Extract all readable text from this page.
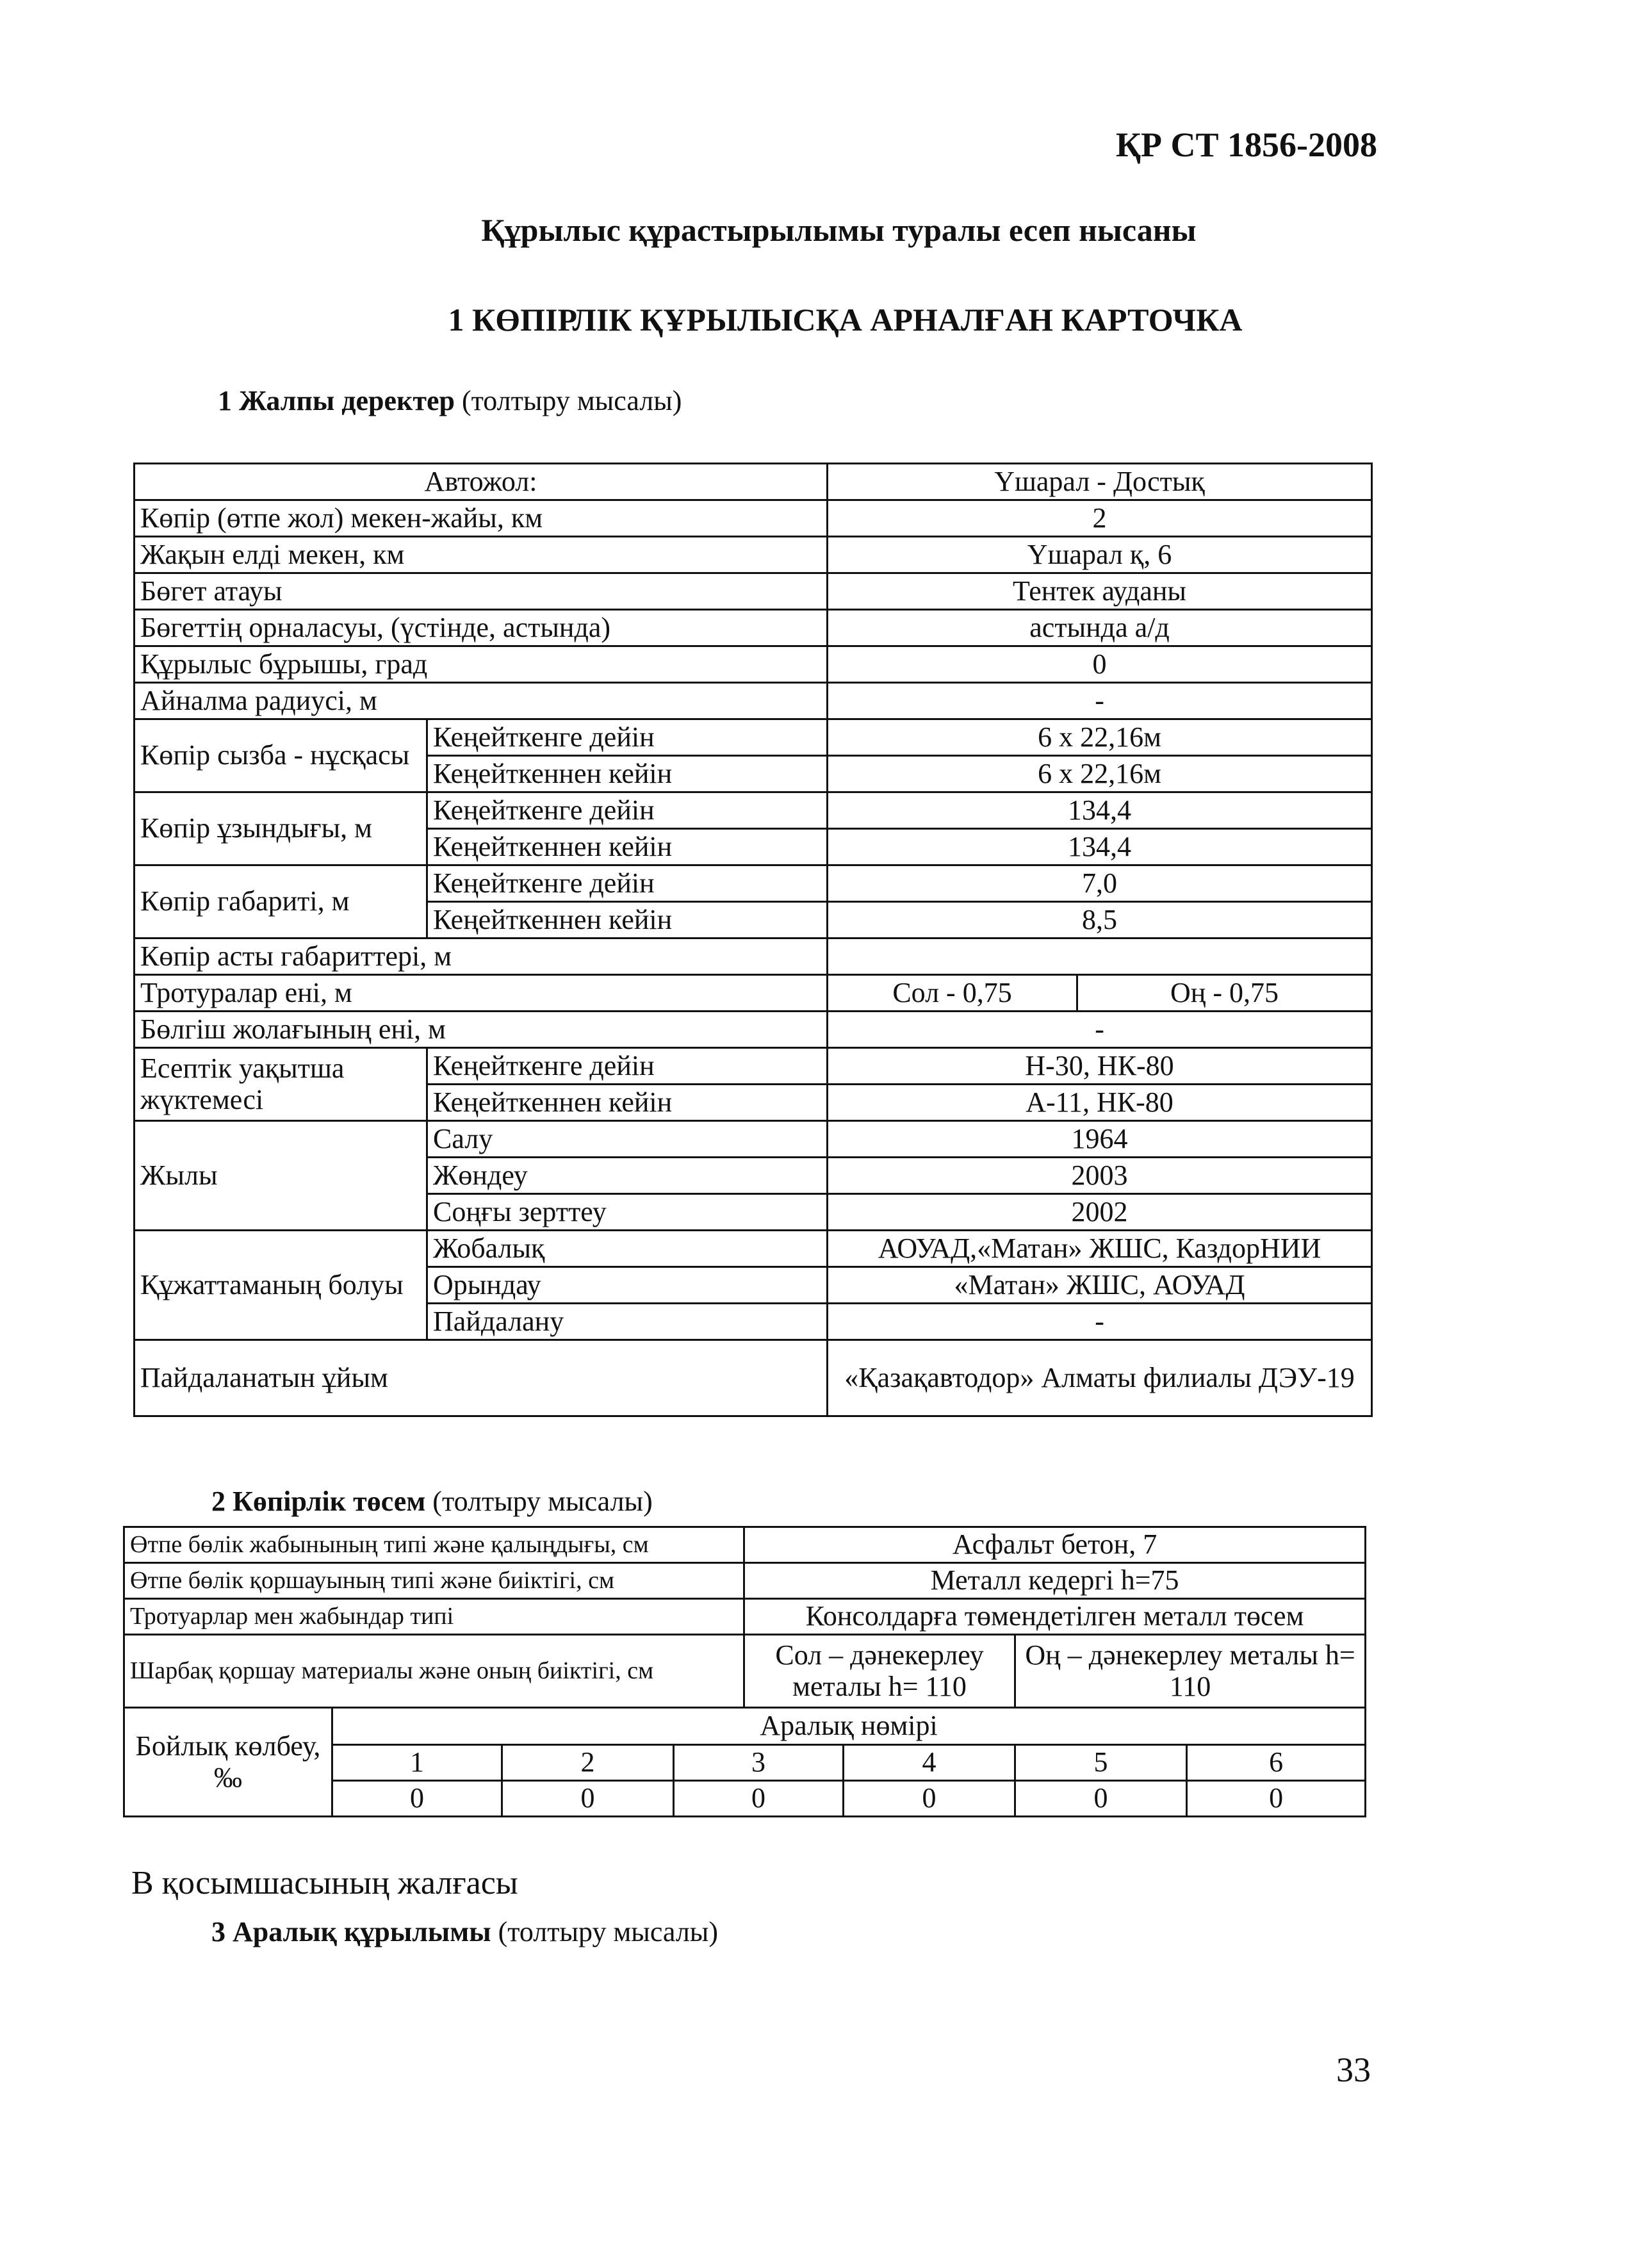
ҚР СТ 1856-2008
Құрылыс құрастырылымы туралы есеп нысаны
1 КӨПІРЛІК ҚҰРЫЛЫСҚА АРНАЛҒАН КАРТОЧКА
1 Жалпы деректер (толтыру мысалы)
Автожол:		Үшарал - Достық	
Көпір (өтпе жол) мекен-жайы, км		2	
Жақын елді мекен, км		Үшарал қ, 6	
Бөгет атауы		Тентек ауданы	
Бөгеттің орналасуы, (үстінде, астында)		астында а/д	
Құрылыс бұрышы, град		0	
Айналма радиусі, м		-	
Көпір сызба - нұсқасы	Кеңейткенге дейін	6 х 22,16м	
	Кеңейткеннен кейін	6 х 22,16м	
Көпір ұзындығы, м	Кеңейткенге дейін	134,4	
	Кеңейткеннен кейін	134,4	
Көпір габариті, м	Кеңейткенге дейін	7,0	
	Кеңейткеннен кейін	8,5	
Көпір асты габариттері, м			
Тротуралар ені, м		Сол - 0,75	Оң - 0,75
Бөлгіш жолағының ені, м		-	
Есептік уақытша жүктемесі	Кеңейткенге дейін	Н-30, НК-80	
	Кеңейткеннен кейін	А-11, НК-80	
Жылы	Салу	1964	
	Жөндеу	2003	
	Соңғы зерттеу	2002	
Құжаттаманың болуы	Жобалық	АОУАД,«Матан» ЖШС, КаздорНИИ	
	Орындау	«Матан» ЖШС, АОУАД	
	Пайдалану	-	
Пайдаланатын ұйым		«Қазақавтодор» Алматы филиалы ДЭУ-19	
2 Көпірлік төсем (толтыру мысалы)
Өтпе бөлік жабынының типі және қалыңдығы, см				Асфальт бетон, 7			
Өтпе бөлік қоршауының типі және биіктігі, см				Металл кедергі h=75			
Тротуарлар мен жабындар типі				Консолдарға төмендетілген металл төсем			
Шарбақ қоршау материалы және оның биіктігі, см				Сол – дәнекерлеу металы h= 110		Оң – дәнекерлеу металы h= 110	
Бойлық көлбеу, ‰	Аралық нөмірі						
	1	2	3		4	5	6
	0	0	0		0	0	0
В қосымшасының жалғасы
3 Аралық құрылымы (толтыру мысалы)
33
